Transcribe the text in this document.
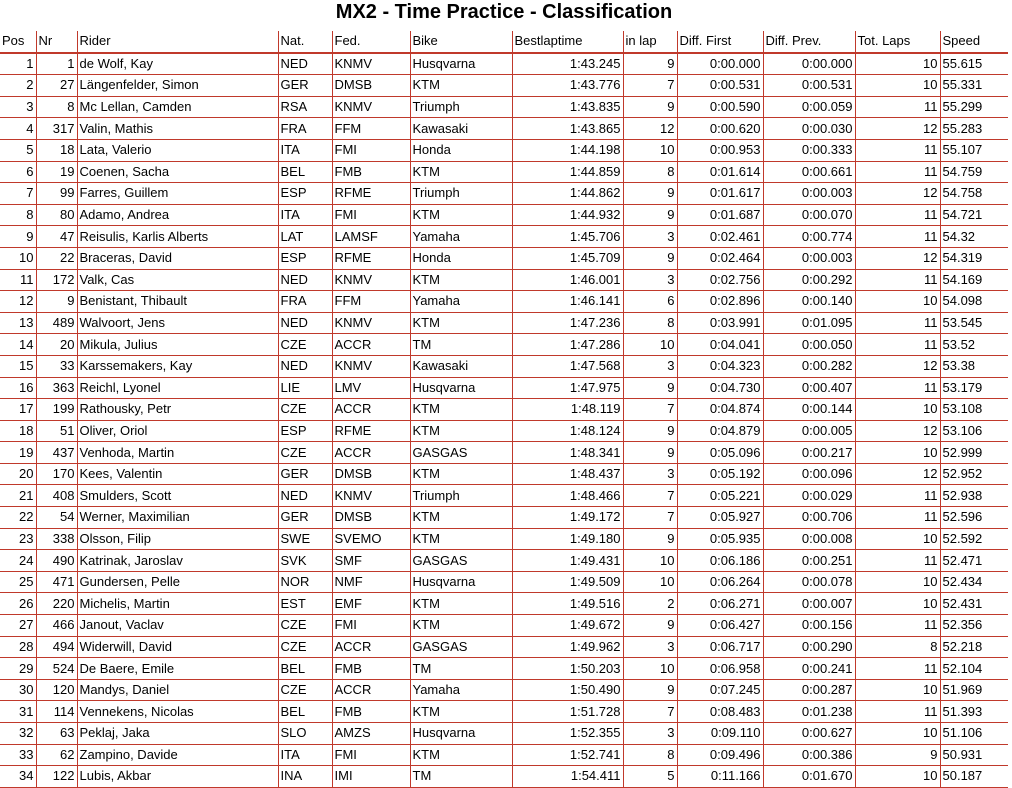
MX2 - Time Practice - Classification
Pos	Nr	Rider	Nat.	Fed.	Bike	Bestlaptime	in lap	Diff. First	Diff. Prev.	Tot. Laps	Speed
1	1	de Wolf, Kay	NED	KNMV	Husqvarna	1:43.245	9	0:00.000	0:00.000	10	55.615
2	27	Längenfelder, Simon	GER	DMSB	KTM	1:43.776	7	0:00.531	0:00.531	10	55.331
3	8	Mc Lellan, Camden	RSA	KNMV	Triumph	1:43.835	9	0:00.590	0:00.059	11	55.299
4	317	Valin, Mathis	FRA	FFM	Kawasaki	1:43.865	12	0:00.620	0:00.030	12	55.283
5	18	Lata, Valerio	ITA	FMI	Honda	1:44.198	10	0:00.953	0:00.333	11	55.107
6	19	Coenen, Sacha	BEL	FMB	KTM	1:44.859	8	0:01.614	0:00.661	11	54.759
7	99	Farres, Guillem	ESP	RFME	Triumph	1:44.862	9	0:01.617	0:00.003	12	54.758
8	80	Adamo, Andrea	ITA	FMI	KTM	1:44.932	9	0:01.687	0:00.070	11	54.721
9	47	Reisulis, Karlis Alberts	LAT	LAMSF	Yamaha	1:45.706	3	0:02.461	0:00.774	11	54.32
10	22	Braceras, David	ESP	RFME	Honda	1:45.709	9	0:02.464	0:00.003	12	54.319
11	172	Valk, Cas	NED	KNMV	KTM	1:46.001	3	0:02.756	0:00.292	11	54.169
12	9	Benistant, Thibault	FRA	FFM	Yamaha	1:46.141	6	0:02.896	0:00.140	10	54.098
13	489	Walvoort, Jens	NED	KNMV	KTM	1:47.236	8	0:03.991	0:01.095	11	53.545
14	20	Mikula, Julius	CZE	ACCR	TM	1:47.286	10	0:04.041	0:00.050	11	53.52
15	33	Karssemakers, Kay	NED	KNMV	Kawasaki	1:47.568	3	0:04.323	0:00.282	12	53.38
16	363	Reichl, Lyonel	LIE	LMV	Husqvarna	1:47.975	9	0:04.730	0:00.407	11	53.179
17	199	Rathousky, Petr	CZE	ACCR	KTM	1:48.119	7	0:04.874	0:00.144	10	53.108
18	51	Oliver, Oriol	ESP	RFME	KTM	1:48.124	9	0:04.879	0:00.005	12	53.106
19	437	Venhoda, Martin	CZE	ACCR	GASGAS	1:48.341	9	0:05.096	0:00.217	10	52.999
20	170	Kees, Valentin	GER	DMSB	KTM	1:48.437	3	0:05.192	0:00.096	12	52.952
21	408	Smulders, Scott	NED	KNMV	Triumph	1:48.466	7	0:05.221	0:00.029	11	52.938
22	54	Werner, Maximilian	GER	DMSB	KTM	1:49.172	7	0:05.927	0:00.706	11	52.596
23	338	Olsson, Filip	SWE	SVEMO	KTM	1:49.180	9	0:05.935	0:00.008	10	52.592
24	490	Katrinak, Jaroslav	SVK	SMF	GASGAS	1:49.431	10	0:06.186	0:00.251	11	52.471
25	471	Gundersen, Pelle	NOR	NMF	Husqvarna	1:49.509	10	0:06.264	0:00.078	10	52.434
26	220	Michelis, Martin	EST	EMF	KTM	1:49.516	2	0:06.271	0:00.007	10	52.431
27	466	Janout, Vaclav	CZE	FMI	KTM	1:49.672	9	0:06.427	0:00.156	11	52.356
28	494	Widerwill, David	CZE	ACCR	GASGAS	1:49.962	3	0:06.717	0:00.290	8	52.218
29	524	De Baere, Emile	BEL	FMB	TM	1:50.203	10	0:06.958	0:00.241	11	52.104
30	120	Mandys, Daniel	CZE	ACCR	Yamaha	1:50.490	9	0:07.245	0:00.287	10	51.969
31	114	Vennekens, Nicolas	BEL	FMB	KTM	1:51.728	7	0:08.483	0:01.238	11	51.393
32	63	Peklaj, Jaka	SLO	AMZS	Husqvarna	1:52.355	3	0:09.110	0:00.627	10	51.106
33	62	Zampino, Davide	ITA	FMI	KTM	1:52.741	8	0:09.496	0:00.386	9	50.931
34	122	Lubis, Akbar	INA	IMI	TM	1:54.411	5	0:11.166	0:01.670	10	50.187
